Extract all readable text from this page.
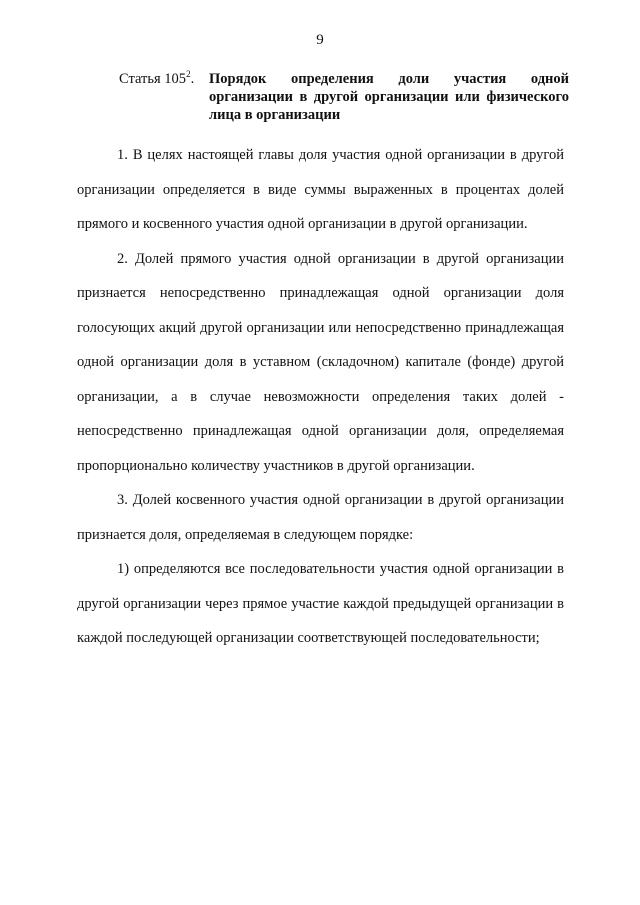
9
Статья $105^2$. Порядок определения доли участия одной организации в другой организации или физического лица в организации

1. В целях настоящей главы доля участия одной организации в другой организации определяется в виде суммы выраженных в процентах долей прямого и косвенного участия одной организации в другой организации.

2. Долей прямого участия одной организации в другой организации признается непосредственно принадлежащая одной организации доля голосующих акций другой организации или непосредственно принадлежащая одной организации доля в уставном (складочном) капитале (фонде) другой организации, а в случае невозможности определения таких долей - непосредственно принадлежащая одной организации доля, определяемая пропорционально количеству участников в другой организации.

3. Долей косвенного участия одной организации в другой организации признается доля, определяемая в следующем порядке:

1) определяются все последовательности участия одной организации в другой организации через прямое участие каждой предыдущей организации в каждой последующей организации соответствующей последовательности;
